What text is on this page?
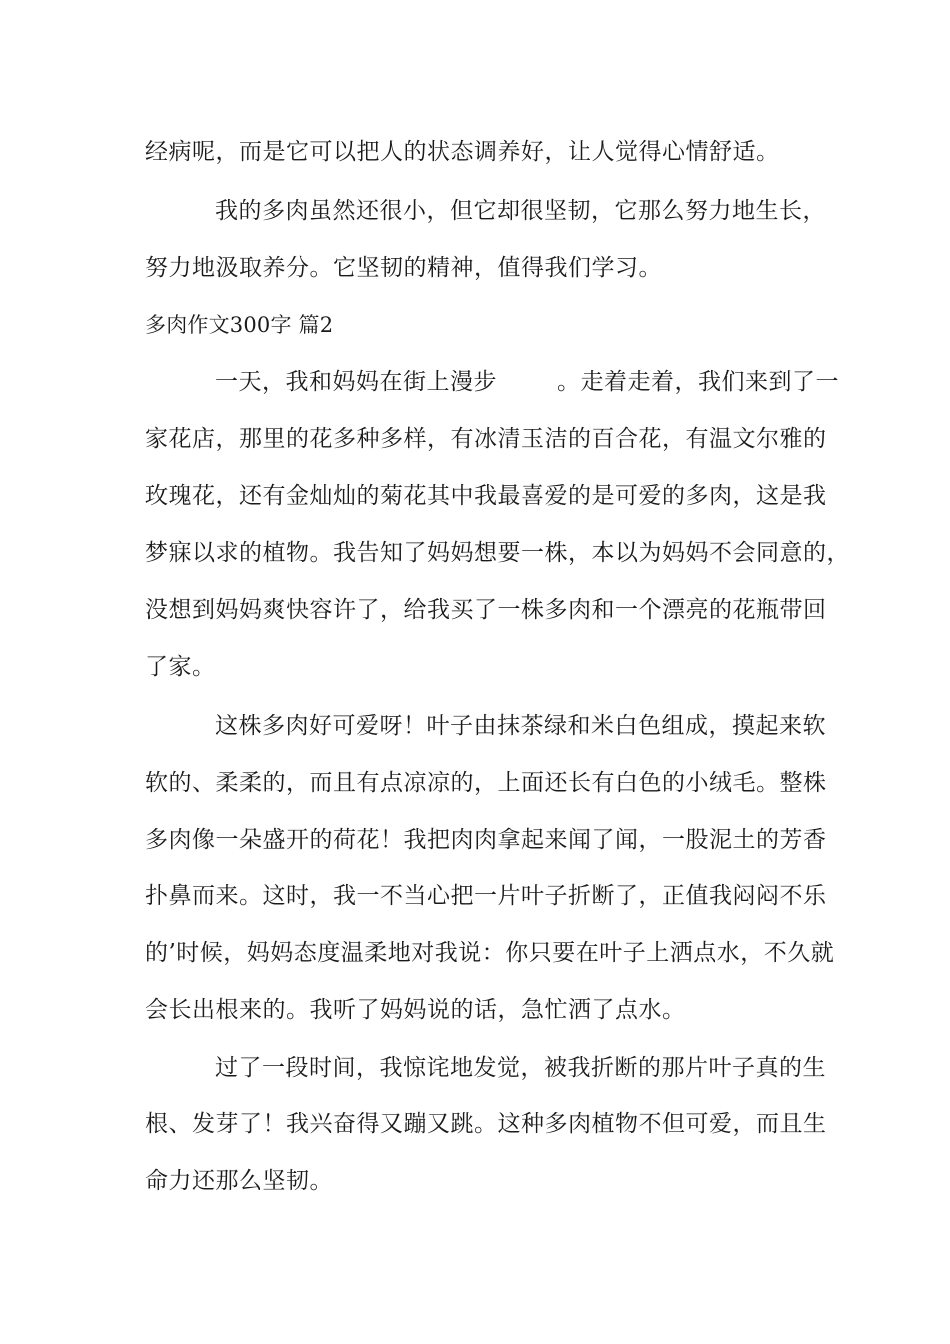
经病呢，而是它可以把人的状态调养好，让人觉得心情舒适。
我的多肉虽然还很小，但它却很坚韧，它那么努力地生长，
努力地汲取养分。它坚韧的精神，值得我们学习。
多肉作文300字 篇2
一天，我和妈妈在街上漫步	。走着走着，我们来到了一
家花店，那里的花多种多样，有冰清玉洁的百合花，有温文尔雅的
玫瑰花，还有金灿灿的菊花其中我最喜爱的是可爱的多肉，这是我
梦寐以求的植物。我告知了妈妈想要一株，本以为妈妈不会同意的，
没想到妈妈爽快容许了，给我买了一株多肉和一个漂亮的花瓶带回
了家。
这株多肉好可爱呀！叶子由抹茶绿和米白色组成，摸起来软
软的、柔柔的，而且有点凉凉的，上面还长有白色的小绒毛。整株
多肉像一朵盛开的荷花！我把肉肉拿起来闻了闻，一股泥土的芳香
扑鼻而来。这时，我一不当心把一片叶子折断了，正值我闷闷不乐
的’时候，妈妈态度温柔地对我说：你只要在叶子上洒点水，不久就
会长出根来的。我听了妈妈说的话，急忙洒了点水。
过了一段时间，我惊诧地发觉，被我折断的那片叶子真的生
根、发芽了！我兴奋得又蹦又跳。这种多肉植物不但可爱，而且生
命力还那么坚韧。
